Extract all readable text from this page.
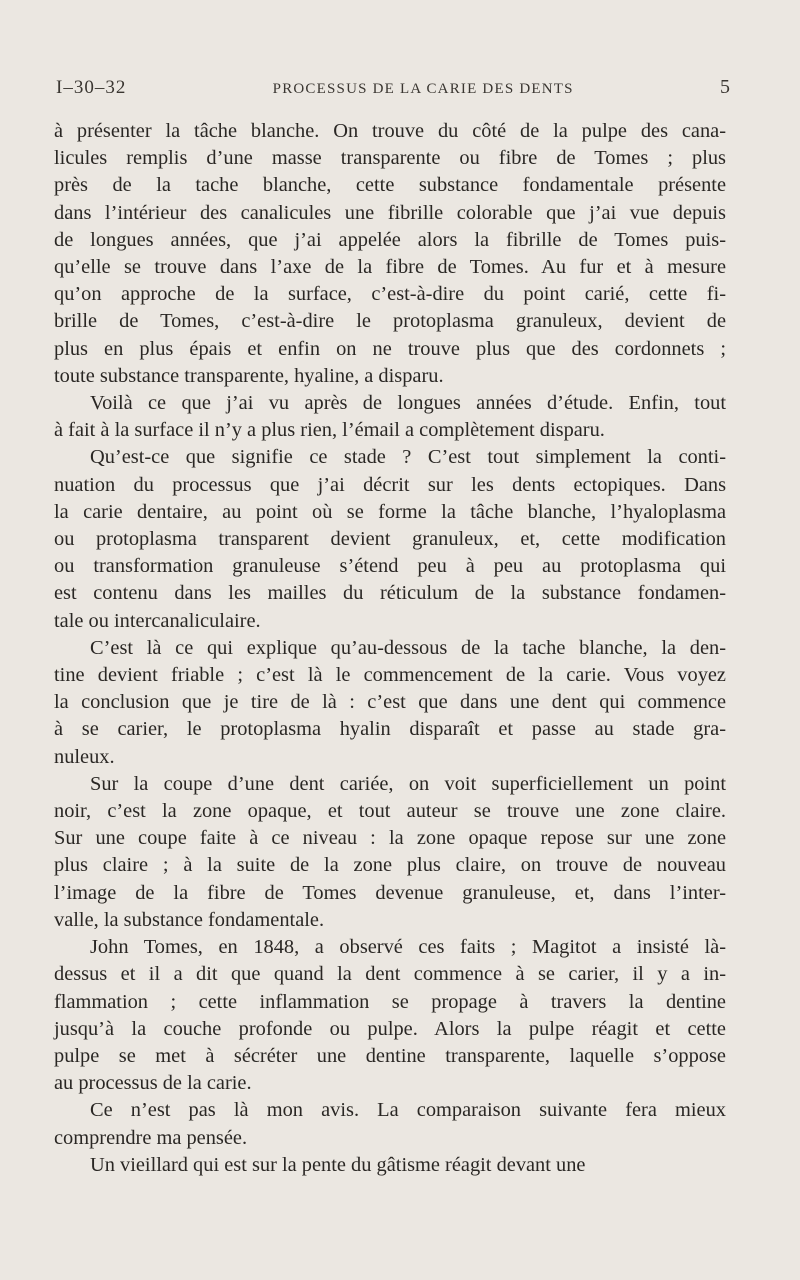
I–30–32	PROCESSUS DE LA CARIE DES DENTS	5
à présenter la tâche blanche. On trouve du côté de la pulpe des cana-
licules remplis d’une masse transparente ou fibre de Tomes ; plus
près de la tache blanche, cette substance fondamentale présente
dans l’intérieur des canalicules une fibrille colorable que j’ai vue depuis
de longues années, que j’ai appelée alors la fibrille de Tomes puis-
qu’elle se trouve dans l’axe de la fibre de Tomes. Au fur et à mesure
qu’on approche de la surface, c’est-à-dire du point carié, cette fi-
brille de Tomes, c’est-à-dire le protoplasma granuleux, devient de
plus en plus épais et enfin on ne trouve plus que des cordonnets ;
toute substance transparente, hyaline, a disparu.
Voilà ce que j’ai vu après de longues années d’étude. Enfin, tout
à fait à la surface il n’y a plus rien, l’émail a complètement disparu.
Qu’est-ce que signifie ce stade ? C’est tout simplement la conti-
nuation du processus que j’ai décrit sur les dents ectopiques. Dans
la carie dentaire, au point où se forme la tâche blanche, l’hyaloplasma
ou protoplasma transparent devient granuleux, et, cette modification
ou transformation granuleuse s’étend peu à peu au protoplasma qui
est contenu dans les mailles du réticulum de la substance fondamen-
tale ou intercanaliculaire.
C’est là ce qui explique qu’au-dessous de la tache blanche, la den-
tine devient friable ; c’est là le commencement de la carie. Vous voyez
la conclusion que je tire de là : c’est que dans une dent qui commence
à se carier, le protoplasma hyalin disparaît et passe au stade gra-
nuleux.
Sur la coupe d’une dent cariée, on voit superficiellement un point
noir, c’est la zone opaque, et tout auteur se trouve une zone claire.
Sur une coupe faite à ce niveau : la zone opaque repose sur une zone
plus claire ; à la suite de la zone plus claire, on trouve de nouveau
l’image de la fibre de Tomes devenue granuleuse, et, dans l’inter-
valle, la substance fondamentale.
John Tomes, en 1848, a observé ces faits ; Magitot a insisté là-
dessus et il a dit que quand la dent commence à se carier, il y a in-
flammation ; cette inflammation se propage à travers la dentine
jusqu’à la couche profonde ou pulpe. Alors la pulpe réagit et cette
pulpe se met à sécréter une dentine transparente, laquelle s’oppose
au processus de la carie.
Ce n’est pas là mon avis. La comparaison suivante fera mieux
comprendre ma pensée.
Un vieillard qui est sur la pente du gâtisme réagit devant une
